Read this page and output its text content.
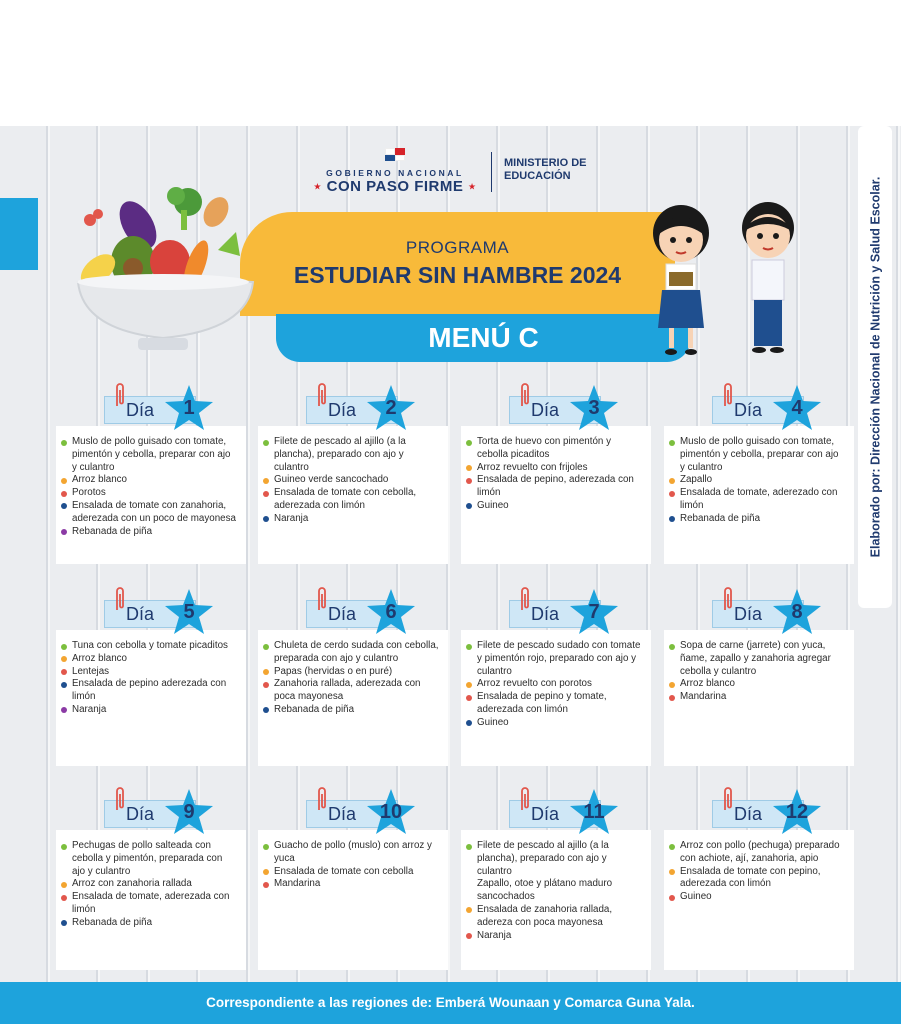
Elaborado por: Dirección Nacional de Nutrición y Salud Escolar.
GOBIERNO NACIONAL
★ CON PASO FIRME ★
MINISTERIO DE
EDUCACIÓN
PROGRAMA
ESTUDIAR SIN HAMBRE 2024
MENÚ C
Muslo de pollo guisado con tomate, pimentón y cebolla, preparar con ajo y culantro
Arroz blanco
Porotos
Ensalada de tomate con zanahoria, aderezada con un poco de mayonesa
Rebanada de piña
Día	1
Filete de pescado al ajillo (a la plancha), preparado con ajo y culantro
Guineo verde sancochado
Ensalada de tomate con cebolla, aderezada con limón
Naranja
Día	2
Torta de huevo con pimentón y cebolla picaditos
Arroz revuelto con frijoles
Ensalada de pepino, aderezada con limón
Guineo
Día	3
Muslo de pollo guisado con tomate, pimentón y cebolla, preparar con ajo y culantro
Zapallo
Ensalada de tomate, aderezado con limón
Rebanada de piña
Día	4
Tuna con cebolla y tomate picaditos
Arroz blanco
Lentejas
Ensalada de pepino aderezada con limón
Naranja
Día	5
Chuleta de cerdo sudada con cebolla, preparada con ajo y culantro
Papas (hervidas o en puré)
Zanahoria rallada, aderezada con poca mayonesa
Rebanada de piña
Día	6
Filete de pescado sudado con tomate y pimentón rojo, preparado con ajo y culantro
Arroz revuelto con porotos
Ensalada de pepino y tomate, aderezada con limón
Guineo
Día	7
Sopa de carne (jarrete) con yuca, ñame, zapallo y zanahoria agregar cebolla y culantro
Arroz blanco
Mandarina
Día	8
Pechugas de pollo salteada con cebolla y pimentón, preparada con ajo y culantro
Arroz con zanahoria rallada
Ensalada de tomate, aderezada con limón
Rebanada de piña
Día	9
Guacho de pollo (muslo) con arroz y yuca
Ensalada de tomate con cebolla
Mandarina
Día	10
Filete de pescado al ajillo (a la plancha), preparado con ajo y culantro
Zapallo, otoe y plátano maduro sancochados
Ensalada de zanahoria rallada, adereza con poca mayonesa
Naranja
Día	11
Arroz con pollo (pechuga) preparado con achiote, ají, zanahoria, apio
Ensalada de tomate con pepino, aderezada con limón
Guineo
Día	12
Correspondiente a las regiones de: Emberá Wounaan y Comarca Guna Yala.
